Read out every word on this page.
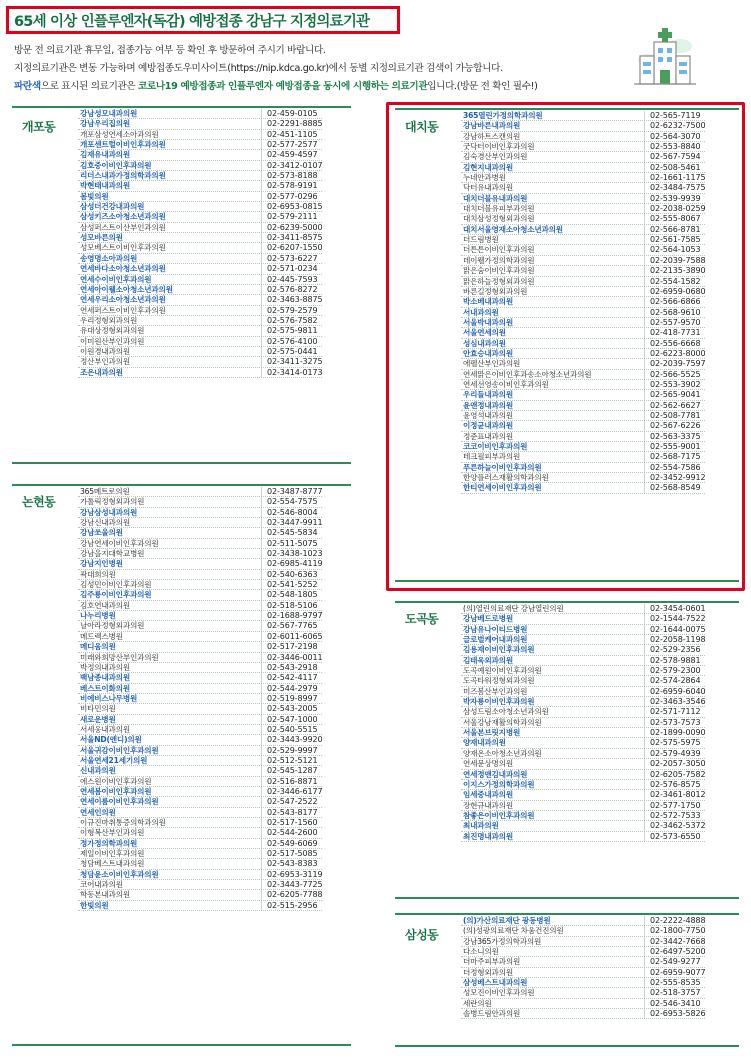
65세 이상 인플루엔자(독감) 예방접종 강남구 지정의료기관
방문 전 의료기관 휴무일, 접종가능 여부 등 확인 후 방문하여 주시기 바랍니다.
지정의료기관은 변동 가능하며 예방접종도우미사이트(https://nip.kdca.go.kr)에서 동별 지정의료기관 검색이 가능합니다.
파란색으로 표시된 의료기관은 코로나19 예방접종과 인플루엔자 예방접종을 동시에 시행하는 의료기관입니다.(방문 전 확인 필수!)
개포동
강남성모내과의원	02-459-0105
강남우리집의원	02-2291-8885
개포삼성연세소아과의원	02-451-1105
개포센트럴이비인후과의원	02-577-2577
김재유내과의원	02-459-4597
김호중이비인후과의원	02-3412-0107
리더스내과가정의학과의원	02-573-8188
박현태내과의원	02-578-9191
봄빛의원	02-577-0296
삼성더건강내과의원	02-6953-0815
삼성키즈소아청소년과의원	02-579-2111
삼성퍼스트이산부인과의원	02-6239-5000
성모바른의원	02-3411-8575
성모베스트이비인후과의원	02-6207-1550
송영명소아과의원	02-573-6227
연세바다소아청소년과의원	02-571-0234
연세수이비인후과의원	02-445-7593
연세아이웰소아청소년과의원	02-576-8272
연세우리소아청소년과의원	02-3463-8875
연세퍼스트이비인후과의원	02-579-2579
우리정형외과의원	02-576-7582
유대상정형외과의원	02-575-9811
이미원산부인과의원	02-576-4100
이원경내과의원	02-575-0441
정산부인과의원	02-3411-3275
조은내과의원	02-3414-0173
논현동
365메트로의원	02-3487-8777
가톨릭정형외과의원	02-554-7575
강남삼성내과의원	02-546-8004
강남신내과의원	02-3447-9911
강남쏘울의원	02-545-5834
강남연세이비인후과의원	02-511-5075
강남을지대학교병원	02-3438-1023
강남지인병원	02-6985-4119
곽대희의원	02-540-6363
김성민이비인후과의원	02-541-5252
김주룡이비인후과의원	02-548-1805
김호연내과의원	02-518-5106
나누리병원	02-1688-9797
날아라정형외과의원	02-567-7765
메드렉스병원	02-6011-6065
메디움의원	02-517-2198
미래와희망산부인과의원	02-3446-0011
박정의내과의원	02-543-2918
백남종내과의원	02-542-4117
베스트이화의원	02-544-2979
비에비스나무병원	02-519-8997
비타민의원	02-543-2005
새로운병원	02-547-1000
서세웅내과의원	02-540-5515
서울ND(엔디)의원	02-3443-9920
서울귀감이비인후과의원	02-529-9997
서울연세21세기의원	02-512-5121
신내과의원	02-545-1287
에스원이비인후과의원	02-516-8871
연세봄이비인후과의원	02-3446-6177
연세이룸이비인후과의원	02-547-2522
연세인의원	02-543-8177
이규진마취통증의학과의원	02-517-1560
이형복산부인과의원	02-544-2600
정가정의학과의원	02-549-6069
제일이비인후과의원	02-517-5085
청담베스트내과의원	02-543-8383
청담윤소이비인후과의원	02-6953-3119
코어내과의원	02-3443-7725
학동본내과의원	02-6205-7788
한빛의원	02-515-2956
대치동
365열린가정의학과의원	02-565-7119
강남바른내과의원	02-6232-7500
강남하트스캔의원	02-564-3070
굿닥터이비인후과의원	02-553-8840
김숙경산부인과의원	02-567-7594
김현지내과의원	02-508-5461
누네안과병원	02-1661-1175
닥터유내과의원	02-3484-7575
대치더블유내과의원	02-539-9939
대치더블유피부과의원	02-2038-0259
대치삼성정형외과의원	02-555-8067
대치서울영재소아청소년과의원	02-566-8781
더드림병원	02-561-7585
더튼튼이비인후과의원	02-564-1053
데이웰가정의학과의원	02-2039-7588
맑은숨이비인후과의원	02-2135-3890
맑은하늘정형외과의원	02-554-1582
바른길정형외과의원	02-6959-0680
박소베내과의원	02-566-6866
서내과의원	02-568-9610
서울박내과의원	02-557-9570
서울연세의원	02-418-7731
성심내과의원	02-556-6668
안효승내과의원	02-6223-8000
에펠산부인과의원	02-2039-7597
연세맑은이비인후과송소아청소년과의원	02-566-5525
연세선영송이비인후과의원	02-553-3902
우리들내과의원	02-565-9041
윤앤정내과의원	02-562-6627
윤영석내과의원	02-508-7781
이정균내과의원	02-567-6226
정준표내과의원	02-563-3375
코코이비인후과의원	02-555-9001
테크필피부과의원	02-568-7175
푸른하늘이비인후과의원	02-554-7586
한양플러스재활의학과의원	02-3452-9912
한티연세이비인후과의원	02-568-8549
도곡동
(의)열린의료재단 강남열린의원	02-3454-0601
강남베드로병원	02-1544-7522
강남유나이티드병원	02-1644-0075
글로벌케어내과의원	02-2058-1198
김용재이비인후과의원	02-529-2356
김태욱외과의원	02-578-9881
도곡예원이비인후과의원	02-579-2300
도곡타워정형외과의원	02-574-2864
미즈봄산부인과의원	02-6959-6040
박자룡이비인후과의원	02-3463-3546
삼성드림소아청소년과의원	02-571-7112
서울강남재활의학과의원	02-573-7573
서울본브릿지병원	02-1899-0090
양재내과의원	02-575-5975
양재온소아청소년과의원	02-579-4939
연세문상명의원	02-2057-3050
연세정앤김내과의원	02-6205-7582
이지스가정의학과의원	02-576-8575
임세중내과의원	02-3461-8012
장현규내과의원	02-577-1750
참좋은이비인후과의원	02-572-7533
최내과의원	02-3462-5372
최진명내과의원	02-573-6550
삼성동
(의)가산의료재단 광동병원	02-2222-4888
(의)성광의료재단 차움건진의원	02-1800-7750
강남365가정의학과의원	02-3442-7668
다소니의원	02-6497-5200
더마주피부과의원	02-549-9277
더정형외과의원	02-6959-9077
삼성베스트내과의원	02-555-8535
성모진이비인후과의원	02-518-3757
세란의원	02-546-3410
솔병드림안과의원	02-6953-5826
